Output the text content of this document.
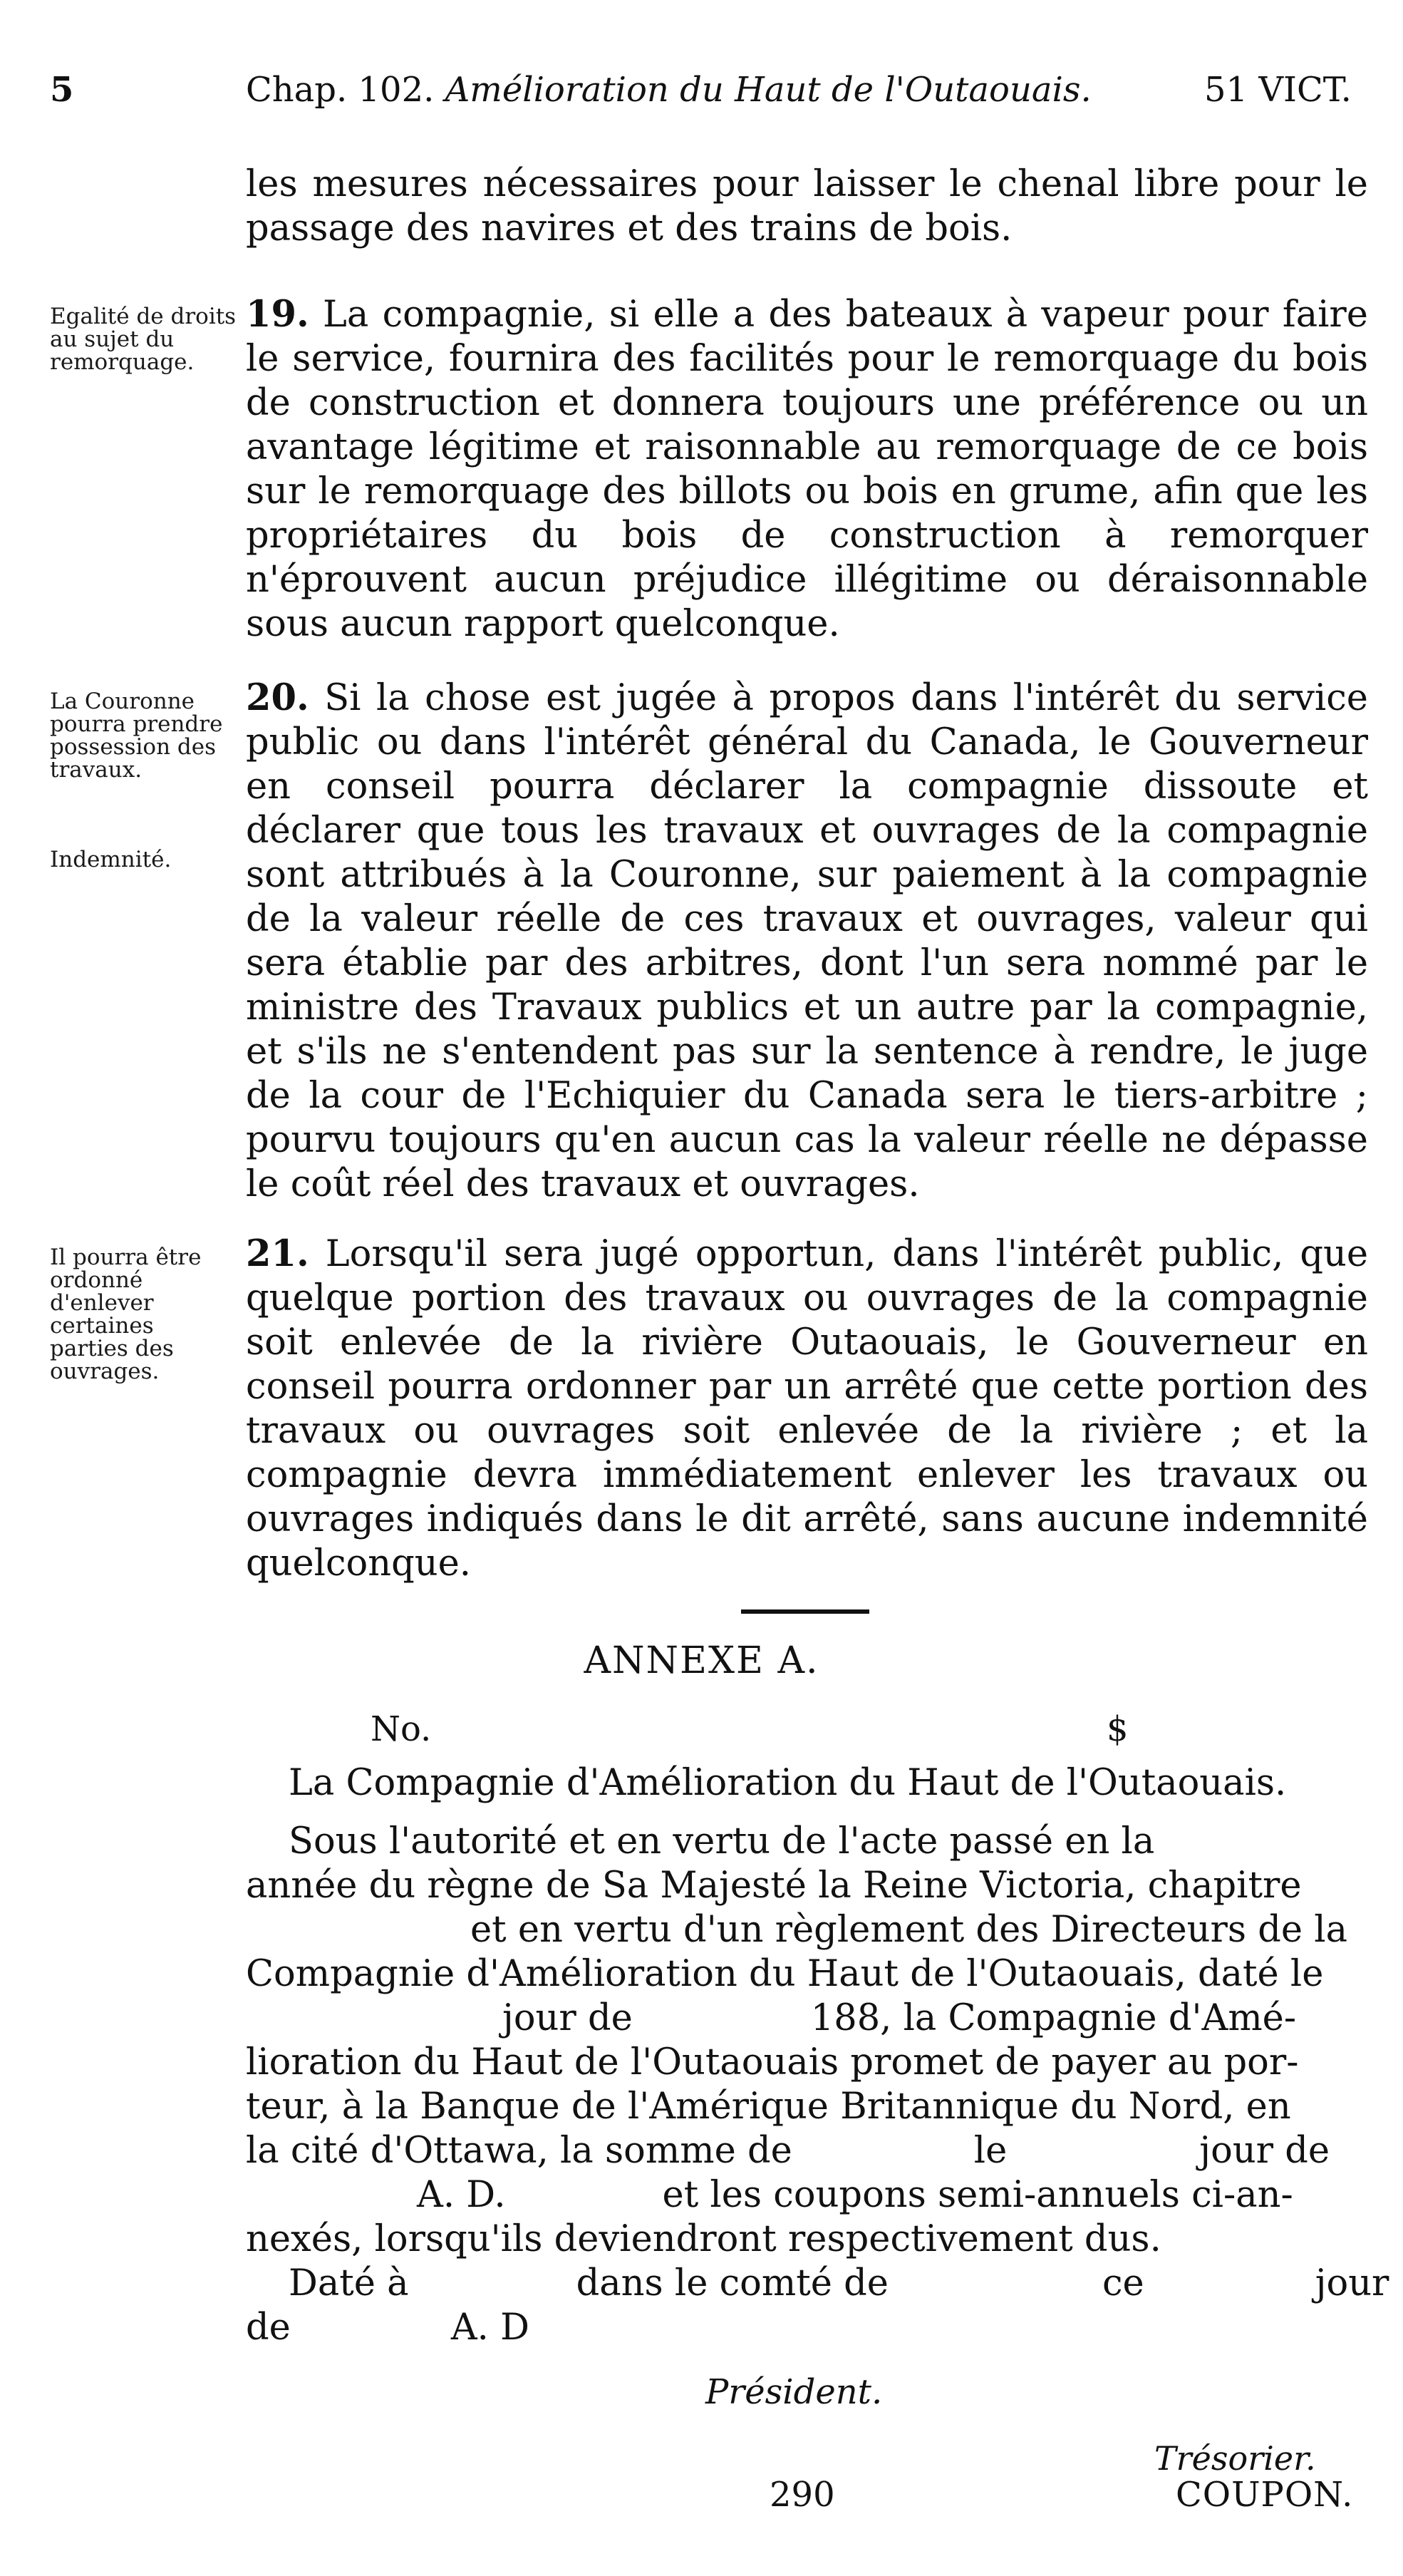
5	Chap. 102. Amélioration du Haut de l'Outaouais.	51 VICT.

les mesures nécessaires pour laisser le chenal libre pour le passage des navires et des trains de bois.

Egalité de droits au sujet du remorquage.

19. La compagnie, si elle a des bateaux à vapeur pour faire le service, fournira des facilités pour le remorquage du bois de construction et donnera toujours une préférence ou un avantage légitime et raisonnable au remorquage de ce bois sur le remorquage des billots ou bois en grume, afin que les propriétaires du bois de construction à remorquer n'éprouvent aucun préjudice illégitime ou déraisonnable sous aucun rapport quelconque.

La Couronne pourra prendre possession des travaux.
Indemnité.

20. Si la chose est jugée à propos dans l'intérêt du service public ou dans l'intérêt général du Canada, le Gouverneur en conseil pourra déclarer la compagnie dissoute et déclarer que tous les travaux et ouvrages de la compagnie sont attribués à la Couronne, sur paiement à la compagnie de la valeur réelle de ces travaux et ouvrages, valeur qui sera établie par des arbitres, dont l'un sera nommé par le ministre des Travaux publics et un autre par la compagnie, et s'ils ne s'entendent pas sur la sentence à rendre, le juge de la cour de l'Echiquier du Canada sera le tiers-arbitre ; pourvu toujours qu'en aucun cas la valeur réelle ne dépasse le coût réel des travaux et ouvrages.

Il pourra être ordonné d'enlever certaines parties des ouvrages.

21. Lorsqu'il sera jugé opportun, dans l'intérêt public, que quelque portion des travaux ou ouvrages de la compagnie soit enlevée de la rivière Outaouais, le Gouverneur en conseil pourra ordonner par un arrêté que cette portion des travaux ou ouvrages soit enlevée de la rivière ; et la compagnie devra immédiatement enlever les travaux ou ouvrages indiqués dans le dit arrêté, sans aucune indemnité quelconque.

ANNEXE A.
No.	$
La Compagnie d'Amélioration du Haut de l'Outaouais.
Sous l'autorité et en vertu de l'acte passé en la
année du règne de Sa Majesté la Reine Victoria, chapitre
et en vertu d'un règlement des Directeurs de la
Compagnie d'Amélioration du Haut de l'Outaouais, daté le
jour de	188, la Compagnie d'Amé-
lioration du Haut de l'Outaouais promet de payer au por-
teur, à la Banque de l'Amérique Britannique du Nord, en
la cité d'Ottawa, la somme de	le	jour de
A. D.	et les coupons semi-annuels ci-an-
nexés, lorsqu'ils deviendront respectivement dus.
Daté à	dans le comté de	ce	jour
de	A. D
Président.
Trésorier.
290	COUPON.
